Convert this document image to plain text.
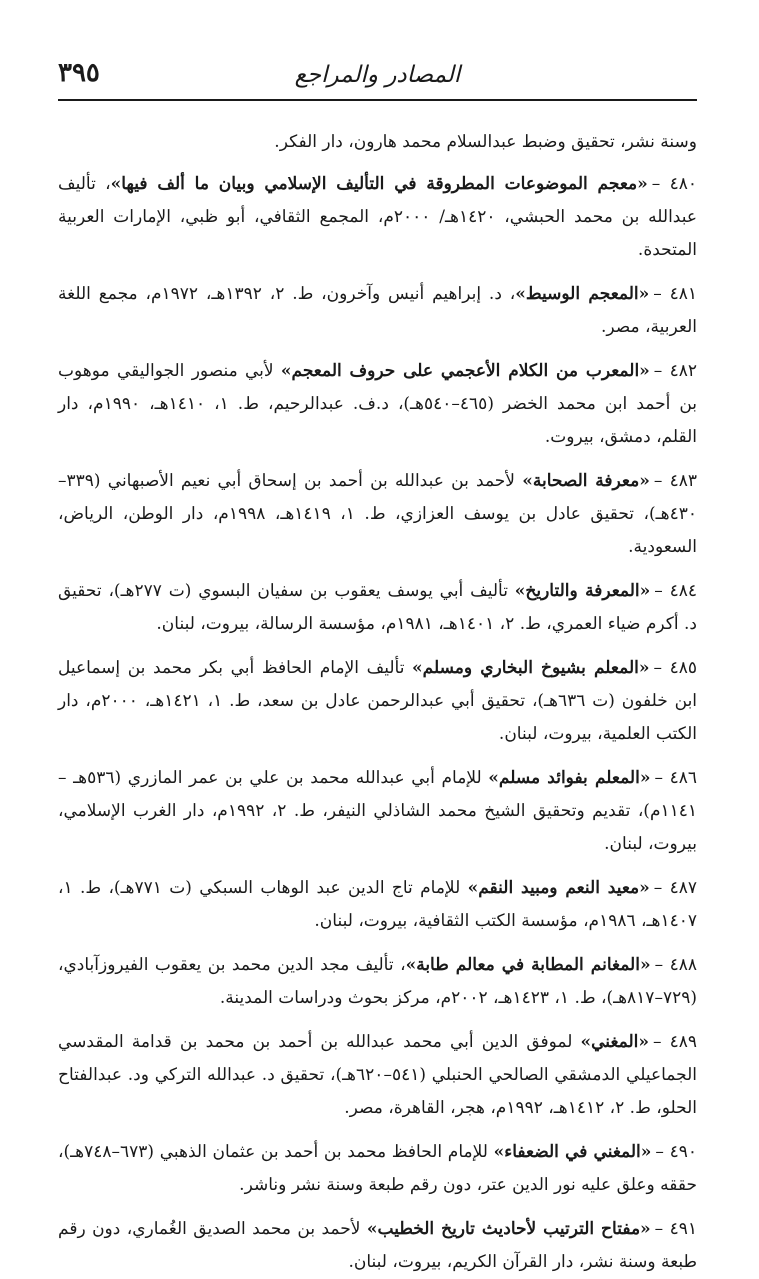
٣٩٥	المصادر والمراجع

وسنة نشر، تحقيق وضبط عبدالسلام محمد هارون، دار الفكر.

٤٨٠ –«معجم الموضوعات المطروقة في التأليف الإسلامي وبيان ما ألف فيها»، تأليف عبدالله بن محمد الحبشي، ١٤٢٠هـ/ ٢٠٠٠م، المجمع الثقافي، أبو ظبي، الإمارات العربية المتحدة.

٤٨١ –«المعجم الوسيط»، د. إبراهيم أنيس وآخرون، ط. ٢، ١٣٩٢هـ، ١٩٧٢م، مجمع اللغة العربية، مصر.

٤٨٢ –«المعرب من الكلام الأعجمي على حروف المعجم» لأبي منصور الجواليقي موهوب بن أحمد ابن محمد الخضر (٤٦٥–٥٤٠هـ)، د.ف. عبدالرحيم، ط. ١، ١٤١٠هـ، ١٩٩٠م، دار القلم، دمشق، بيروت.

٤٨٣ –«معرفة الصحابة» لأحمد بن عبدالله بن أحمد بن إسحاق أبي نعيم الأصبهاني (٣٣٩–٤٣٠هـ)، تحقيق عادل بن يوسف العزازي، ط. ١، ١٤١٩هـ، ١٩٩٨م، دار الوطن، الرياض، السعودية.

٤٨٤ –«المعرفة والتاريخ» تأليف أبي يوسف يعقوب بن سفيان البسوي (ت ٢٧٧هـ)، تحقيق د. أكرم ضياء العمري، ط. ٢، ١٤٠١هـ، ١٩٨١م، مؤسسة الرسالة، بيروت، لبنان.

٤٨٥ –«المعلم بشيوخ البخاري ومسلم» تأليف الإمام الحافظ أبي بكر محمد بن إسماعيل ابن خلفون (ت ٦٣٦هـ)، تحقيق أبي عبدالرحمن عادل بن سعد، ط. ١، ١٤٢١هـ، ٢٠٠٠م، دار الكتب العلمية، بيروت، لبنان.

٤٨٦ –«المعلم بفوائد مسلم» للإمام أبي عبدالله محمد بن علي بن عمر المازري (٥٣٦هـ – ١١٤١م)، تقديم وتحقيق الشيخ محمد الشاذلي النيفر، ط. ٢، ١٩٩٢م، دار الغرب الإسلامي، بيروت، لبنان.

٤٨٧ –«معيد النعم ومبيد النقم» للإمام تاج الدين عبد الوهاب السبكي (ت ٧٧١هـ)، ط. ١، ١٤٠٧هـ، ١٩٨٦م، مؤسسة الكتب الثقافية، بيروت، لبنان.

٤٨٨ –«المغانم المطابة في معالم طابة»، تأليف مجد الدين محمد بن يعقوب الفيروزآبادي، (٧٢٩–٨١٧هـ)، ط. ١، ١٤٢٣هـ، ٢٠٠٢م، مركز بحوث ودراسات المدينة.

٤٨٩ –«المغني» لموفق الدين أبي محمد عبدالله بن أحمد بن محمد بن قدامة المقدسي الجماعيلي الدمشقي الصالحي الحنبلي (٥٤١–٦٢٠هـ)، تحقيق د. عبدالله التركي ود. عبدالفتاح الحلو، ط. ٢، ١٤١٢هـ، ١٩٩٢م، هجر، القاهرة، مصر.

٤٩٠ –«المغني في الضعفاء» للإمام الحافظ محمد بن أحمد بن عثمان الذهبي (٦٧٣–٧٤٨هـ)، حققه وعلق عليه نور الدين عتر، دون رقم طبعة وسنة نشر وناشر.

٤٩١ –«مفتاح الترتيب لأحاديث تاريخ الخطيب» لأحمد بن محمد الصديق الغُماري، دون رقم طبعة وسنة نشر، دار القرآن الكريم، بيروت، لبنان.
